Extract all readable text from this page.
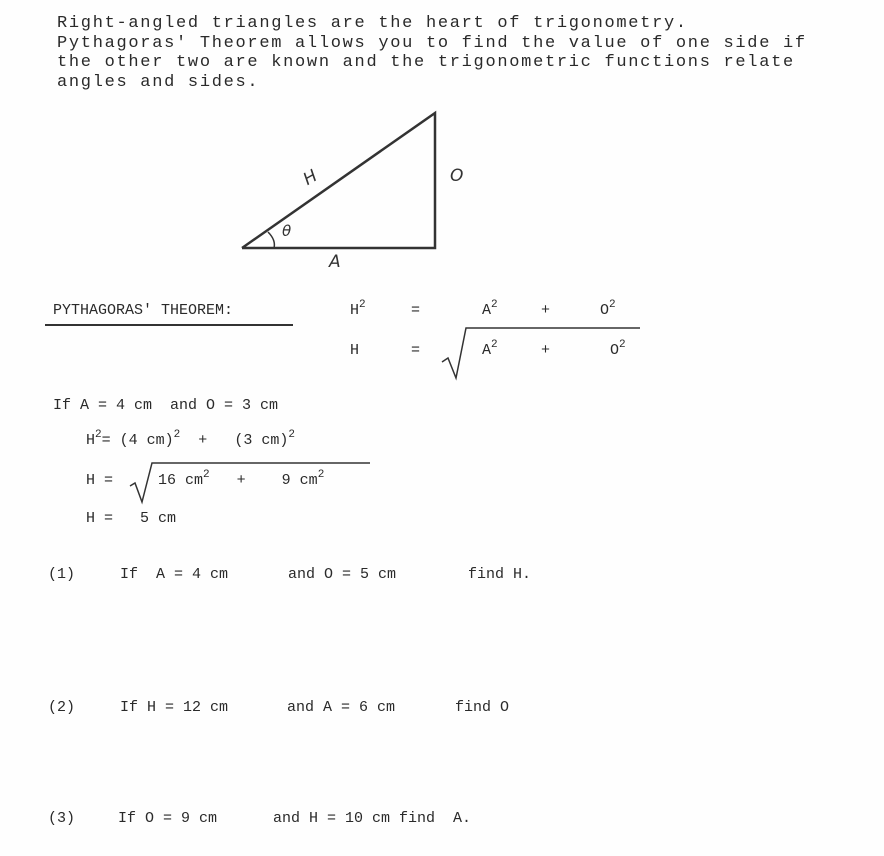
Right-angled triangles are the heart of trigonometry.
Pythagoras' Theorem allows you to find the value of one side if
the other two are known and the trigonometric functions relate
angles and sides.
H	O
A
θ
PYTHAGORAS' THEOREM:	$H^2$	=	$A^2$	+	$O^2$
H	=	$A^2$	+	$O^2$
If A = 4 cm  and O = 3 cm
$H^2= (4$ cm)$^2$ + (3 cm)$^2$
H =	16 $cm^2 + 9$ $cm^2$
H = 5 cm
(1)	If  A = 4 cm	and O = 5 cm	find H.
(2)	If H = 12 cm	and A = 6 cm	find O
(3)	If O = 9 cm	and H = 10 cm find  A.
